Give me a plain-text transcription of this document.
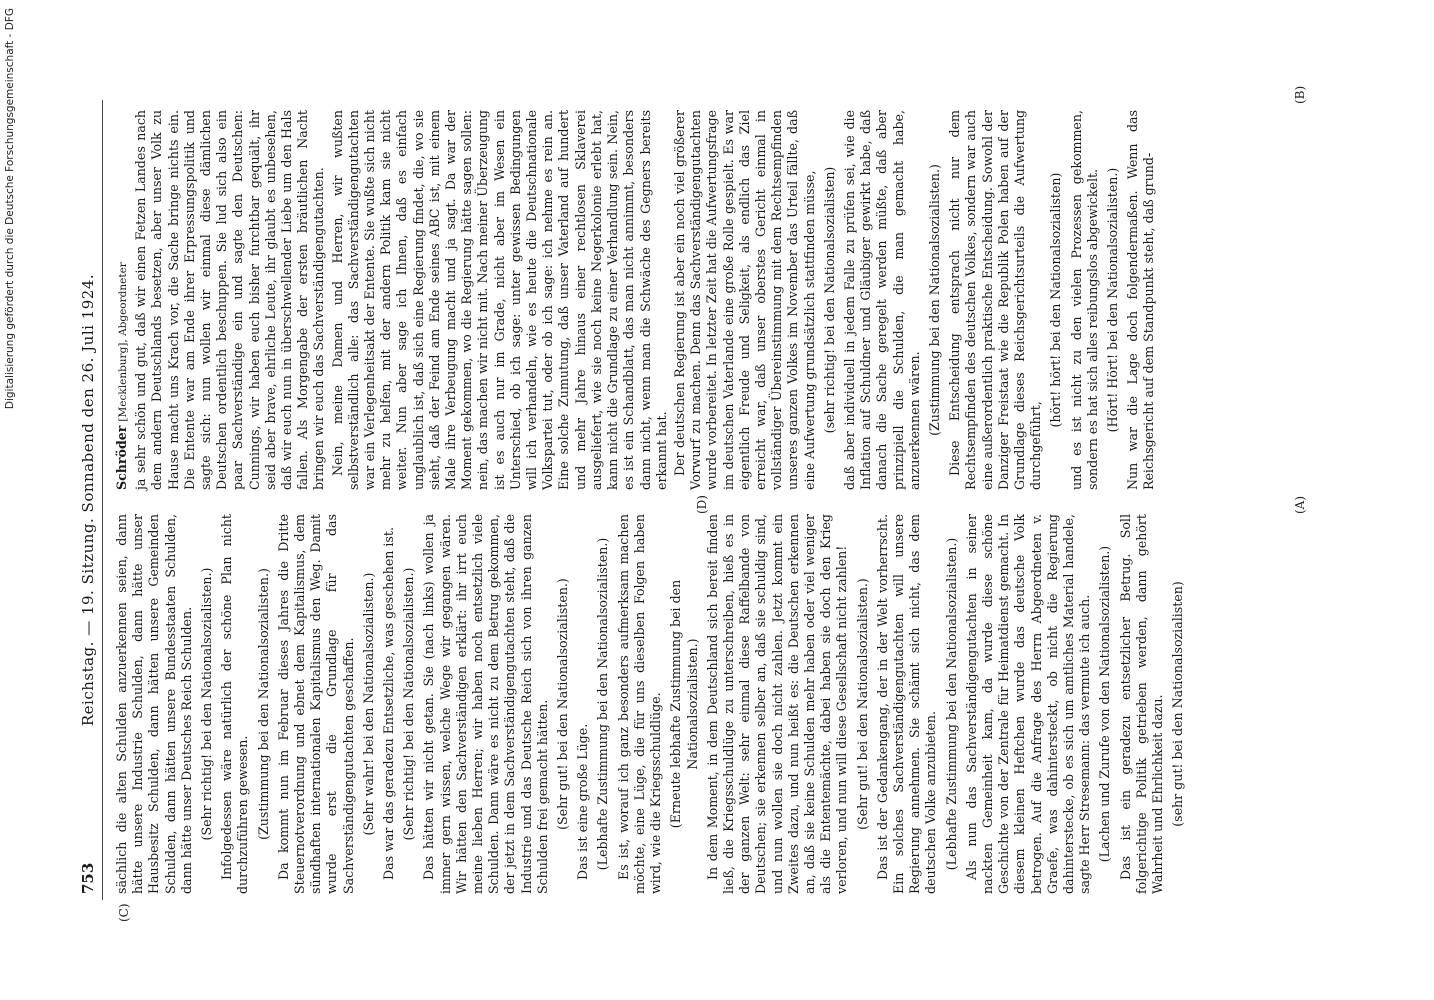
753
Reichstag. — 19. Sitzung. Sonnabend den 26. Juli 1924.
(C)
(D)	(A)
(B)

sächlich die alten Schulden anzuerkennen seien, dann hätte unsere Industrie Schulden, dann hätte unser Hausbesitz Schulden, dann hätten unsere Gemeinden Schulden, dann hätten unsere Bundesstaaten Schulden, dann hätte unser Deutsches Reich Schulden. (Sehr richtig! bei den Nationalsozialisten.) Infolgedessen wäre natürlich der schöne Plan nicht durchzuführen gewesen. (Zustimmung bei den Nationalsozialisten.) Da kommt nun im Februar dieses Jahres die Dritte Steuernotverordnung und ebnet dem Kapitalismus, dem sündhaften internationalen Kapitalismus den Weg. Damit wurde erst die Grundlage für das Sachverständigengutachten geschaffen. (Sehr wahr! bei den Nationalsozialisten.) Das war das geradezu Entsetzliche, was geschehen ist. (Sehr richtig! bei den Nationalsozialisten.) Das hätten wir nicht getan. Sie (nach links) wollen ja immer gern wissen, welche Wege wir gegangen wären. Wir hätten den Sachverständigen erklärt: ihr irrt euch meine lieben Herren; wir haben noch entsetzlich viele Schulden. Dann wäre es nicht zu dem Betrug gekommen, der jetzt in dem Sachverständigengutachten steht, daß die Industrie und das Deutsche Reich sich von ihren ganzen Schulden frei gemacht hätten. (Sehr gut! bei den Nationalsozialisten.) Das ist eine große Lüge. (Lebhafte Zustimmung bei den Nationalsozialisten.) Es ist, worauf ich ganz besonders aufmerksam machen möchte, eine Lüge, die für uns dieselben Folgen haben wird, wie die Kriegsschuldlüge. (Erneute lebhafte Zustimmung bei den Nationalsozialisten.) In dem Moment, in dem Deutschland sich bereit finden ließ, die Kriegsschuldlüge zu unterschreiben, hieß es in der ganzen Welt: sehr einmal diese Raffelbande von Deutschen; sie erkennen selber an, daß sie schuldig sind, und nun wollen sie doch nicht zahlen. Jetzt kommt ein Zweites dazu, und nun heißt es: die Deutschen erkennen an, daß sie keine Schulden mehr haben oder viel weniger als die Ententemächte, dabei haben sie doch den Krieg verloren, und nun will diese Gesellschaft nicht zahlen! (Sehr gut! bei den Nationalsozialisten.) Das ist der Gedankengang, der in der Welt vorherrscht. Ein solches Sachverständigengutachten will unsere Regierung annehmen. Sie schämt sich nicht, das dem deutschen Volke anzubieten. (Lebhafte Zustimmung bei den Nationalsozialisten.) Als nun das Sachverständigengutachten in seiner nackten Gemeinheit kam, da wurde diese schöne Geschichte von der Zentrale für Heimatdienst gemacht. In diesem kleinen Heftchen wurde das deutsche Volk betrogen. Auf die Anfrage des Herrn Abgeordneten v. Graefe, was dahintersteckt, ob nicht die Regierung dahinterstecke, ob es sich um amtliches Material handele, sagte Herr Stresemann: das vermute ich auch. (Lachen und Zurufe von den Nationalsozialisten.) Das ist ein geradezu entsetzlicher Betrug. Soll folgerichtige Politik getrieben werden, dann gehört Wahrheit und Ehrlichkeit dazu. (sehr gut! bei den Nationalsozialisten)

Schröder [Mecklenburg], Abgeordneter ja sehr schön und gut, daß wir einen Fetzen Landes nach dem andern Deutschlands besetzen, aber unser Volk zu Hause macht uns Krach vor, die Sache bringe nichts ein. Die Entente war am Ende ihrer Erpressungspolitik und sagte sich: nun wollen wir einmal diese dämlichen Deutschen ordentlich beschuppen. Sie lud sich also ein paar Sachverständige ein und sagte den Deutschen: Cunnings, wir haben euch bisher furchtbar gequält, ihr seid aber brave, ehrliche Leute, ihr glaubt es unbesehen, daß wir euch nun in überschwellender Liebe um den Hals fallen. Als Morgengabe der ersten bräutlichen Nacht bringen wir euch das Sachverständigengutachten. Nein, meine Damen und Herren, wir wußten selbstverständlich alle: das Sachverständigengutachten war ein Verlegenheitsakt der Entente. Sie wußte sich nicht mehr zu helfen, mit der andern Politik kam sie nicht weiter. Nun aber sage ich Ihnen, daß es einfach unglaublich ist, daß sich eine Regierung findet, die, wo sie sieht, daß der Feind am Ende seines ABC ist, mit einem Male ihre Verbeugung macht und ja sagt. Da war der Moment gekommen, wo die Regierung hätte sagen sollen: nein, das machen wir nicht mit. Nach meiner Überzeugung ist es auch nur im Grade, nicht aber im Wesen ein Unterschied, ob ich sage: unter gewissen Bedingungen will ich verhandeln, wie es heute die Deutschnationale Volkspartei tut, oder ob ich sage: ich nehme es rein an. Eine solche Zumutung, daß unser Vaterland auf hundert und mehr Jahre hinaus einer rechtlosen Sklaverei ausgeliefert, wie sie noch keine Negerkolonie erlebt hat, kann nicht die Grundlage zu einer Verhandlung sein. Nein, es ist ein Schandblatt, das man nicht annimmt, besonders dann nicht, wenn man die Schwäche des Gegners bereits erkannt hat. Der deutschen Regierung ist aber ein noch viel größerer Vorwurf zu machen. Denn das Sachverständigengutachten wurde vorbereitet. In letzter Zeit hat die Aufwertungsfrage im deutschen Vaterlande eine große Rolle gespielt. Es war eigentlich Freude und Seligkeit, als endlich das Ziel erreicht war, daß unser oberstes Gericht einmal in vollständiger Übereinstimmung mit dem Rechtsempfinden unseres ganzen Volkes im November das Urteil fällte, daß eine Aufwertung grundsätzlich stattfinden müsse, (sehr richtig! bei den Nationalsozialisten) daß aber individuell in jedem Falle zu prüfen sei, wie die Inflation auf Schuldner und Gläubiger gewirkt habe, daß danach die Sache geregelt werden müßte, daß aber prinzipiell die Schulden, die man gemacht habe, anzuerkennen wären. (Zustimmung bei den Nationalsozialisten.) Diese Entscheidung entsprach nicht nur dem Rechtsempfinden des deutschen Volkes, sondern war auch eine außerordentlich praktische Entscheidung. Sowohl der Danziger Freistaat wie die Republik Polen haben auf der Grundlage dieses Reichsgerichtsurteils die Aufwertung durchgeführt,

(hört! hört! bei den Nationalsozialisten) und es ist nicht zu den vielen Prozessen gekommen, sondern es hat sich alles reibungslos abgewickelt. (Hört! Hört! bei den Nationalsozialisten.) Nun war die Lage doch folgendermaßen. Wenn das Reichsgericht auf dem Standpunkt steht, daß grund-

Digitalisierung gefördert durch die Deutsche Forschungsgemeinschaft - DFG
